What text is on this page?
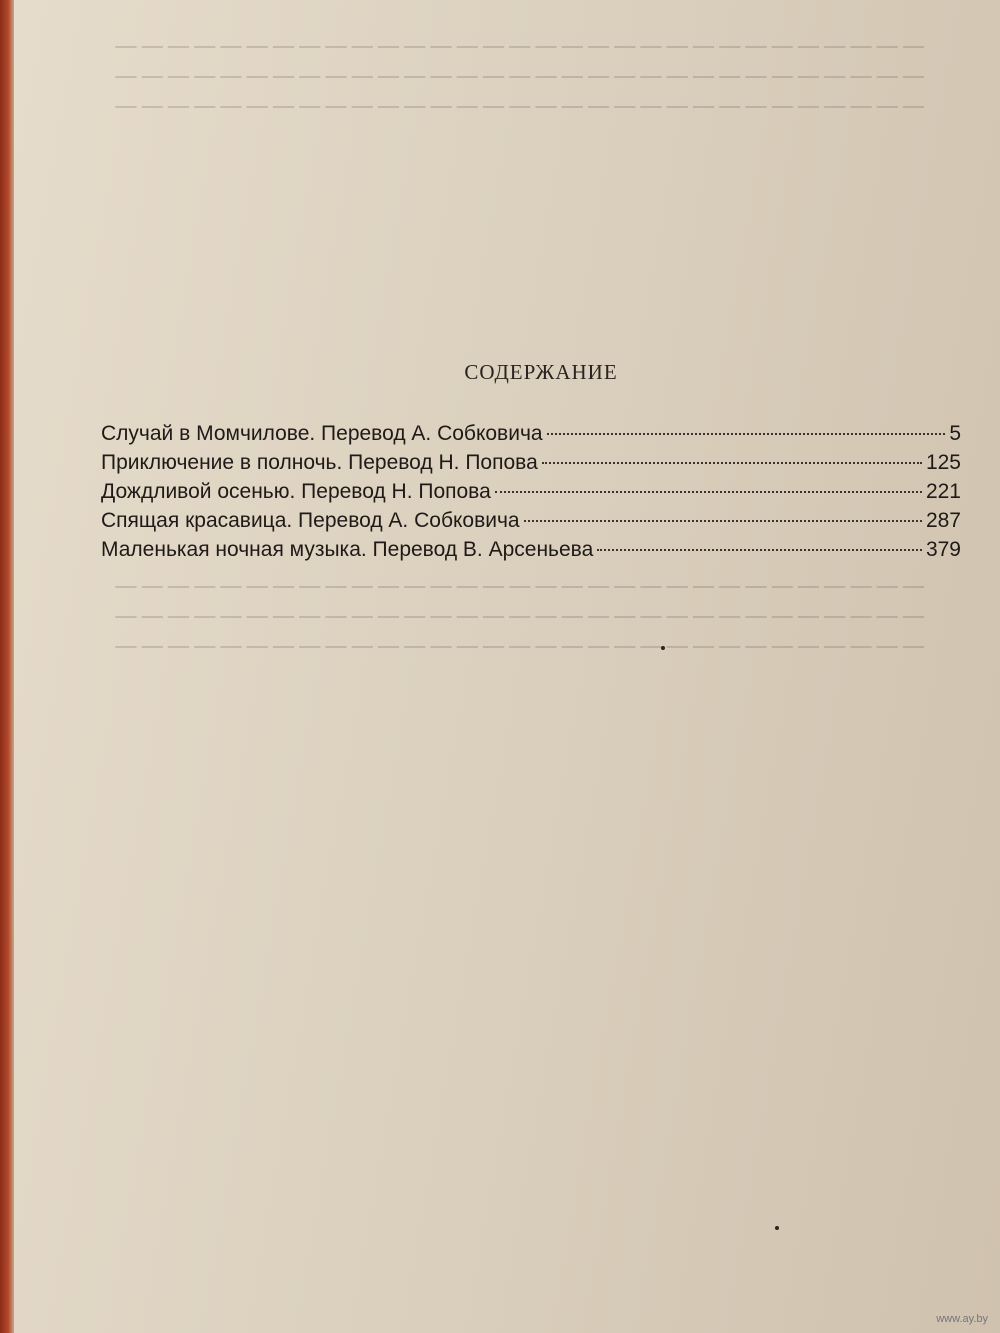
— — — — — — — — — — — — — — — — — — — — — — — — — — — — — — —

— — — — — — — — — — — — — — — — — — — — — — — — — — — — — — —

— — — — — — — — — — — — — — — — — — — — — — — — — — — — — — —

СОДЕРЖАНИЕ
Случай в Момчилове. Перевод А. Собковича	5
Приключение в полночь. Перевод Н. Попова	125
Дождливой осенью. Перевод Н. Попова	221
Спящая красавица. Перевод А. Собковича	287
Маленькая ночная музыка. Перевод В. Арсеньева	379

— — — — — — — — — — — — — — — — — — — — — — — — — — — — — — —

— — — — — — — — — — — — — — — — — — — — — — — — — — — — — — —

— — — — — — — — — — — — — — — — — — — — — — — — — — — — — — —

www.ay.by
